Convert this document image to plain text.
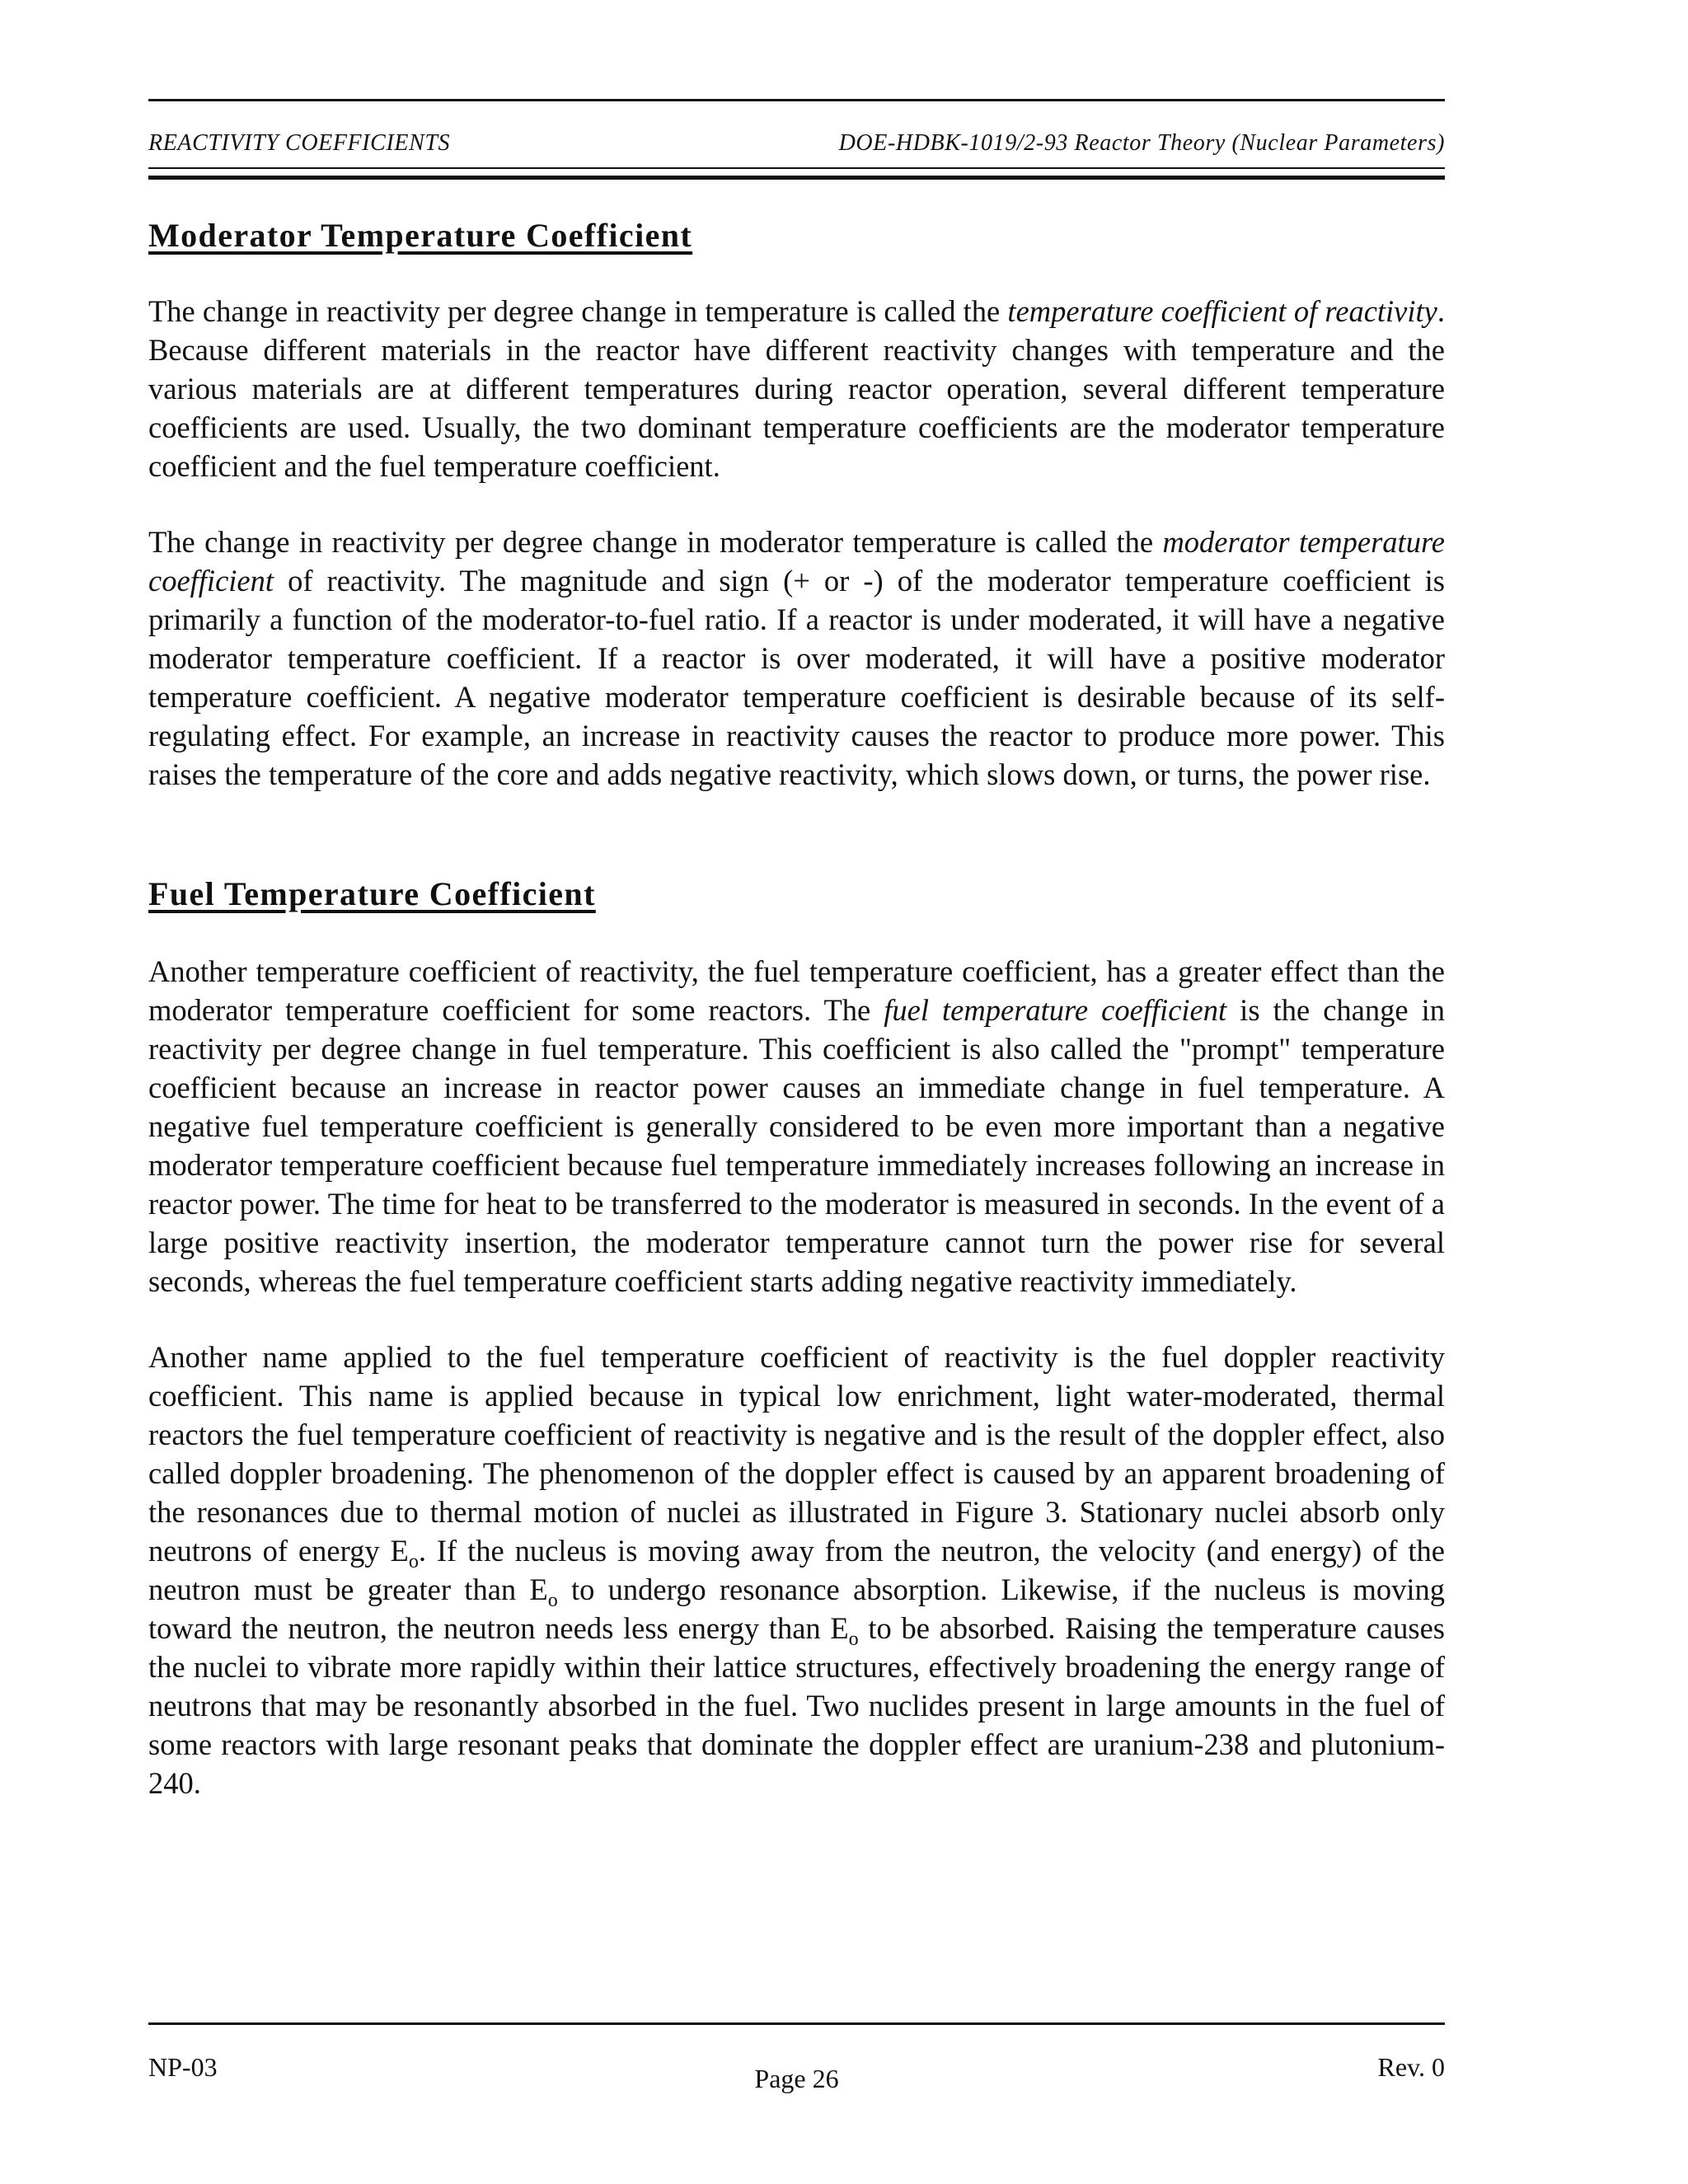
REACTIVITY COEFFICIENTS	DOE-HDBK-1019/2-93 Reactor Theory (Nuclear Parameters)
Moderator Temperature Coefficient

The change in reactivity per degree change in temperature is called the temperature coefficient of reactivity. Because different materials in the reactor have different reactivity changes with temperature and the various materials are at different temperatures during reactor operation, several different temperature coefficients are used. Usually, the two dominant temperature coefficients are the moderator temperature coefficient and the fuel temperature coefficient.

The change in reactivity per degree change in moderator temperature is called the moderator temperature coefficient of reactivity. The magnitude and sign (+ or -) of the moderator temperature coefficient is primarily a function of the moderator-to-fuel ratio. If a reactor is under moderated, it will have a negative moderator temperature coefficient. If a reactor is over moderated, it will have a positive moderator temperature coefficient. A negative moderator temperature coefficient is desirable because of its self-regulating effect. For example, an increase in reactivity causes the reactor to produce more power. This raises the temperature of the core and adds negative reactivity, which slows down, or turns, the power rise.

Fuel Temperature Coefficient

Another temperature coefficient of reactivity, the fuel temperature coefficient, has a greater effect than the moderator temperature coefficient for some reactors. The fuel temperature coefficient is the change in reactivity per degree change in fuel temperature. This coefficient is also called the "prompt" temperature coefficient because an increase in reactor power causes an immediate change in fuel temperature. A negative fuel temperature coefficient is generally considered to be even more important than a negative moderator temperature coefficient because fuel temperature immediately increases following an increase in reactor power. The time for heat to be transferred to the moderator is measured in seconds. In the event of a large positive reactivity insertion, the moderator temperature cannot turn the power rise for several seconds, whereas the fuel temperature coefficient starts adding negative reactivity immediately.

Another name applied to the fuel temperature coefficient of reactivity is the fuel doppler reactivity coefficient. This name is applied because in typical low enrichment, light water-moderated, thermal reactors the fuel temperature coefficient of reactivity is negative and is the result of the doppler effect, also called doppler broadening. The phenomenon of the doppler effect is caused by an apparent broadening of the resonances due to thermal motion of nuclei as illustrated in Figure 3. Stationary nuclei absorb only neutrons of energy $E_o$. If the nucleus is moving away from the neutron, the velocity (and energy) of the neutron must be greater than $E_o$ to undergo resonance absorption. Likewise, if the nucleus is moving toward the neutron, the neutron needs less energy than $E_o$ to be absorbed. Raising the temperature causes the nuclei to vibrate more rapidly within their lattice structures, effectively broadening the energy range of neutrons that may be resonantly absorbed in the fuel. Two nuclides present in large amounts in the fuel of some reactors with large resonant peaks that dominate the doppler effect are uranium-238 and plutonium-240.

NP-03	Page 26	Rev. 0
